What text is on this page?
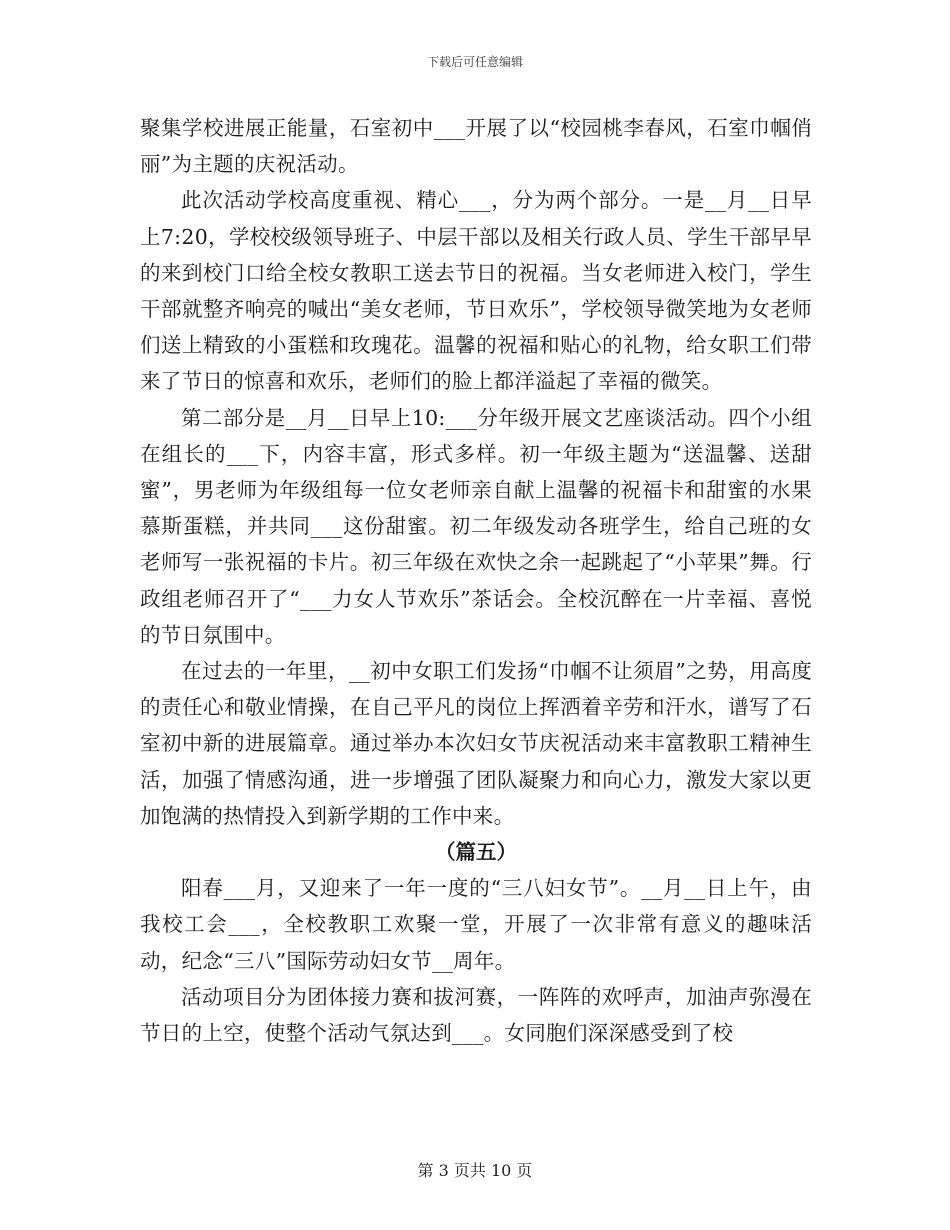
下载后可任意编辑

聚集学校进展正能量，石室初中___开展了以“校园桃李春风，石室巾帼俏丽”为主题的庆祝活动。

此次活动学校高度重视、精心___，分为两个部分。一是__月__日早上7:20，学校校级领导班子、中层干部以及相关行政人员、学生干部早早的来到校门口给全校女教职工送去节日的祝福。当女老师进入校门，学生干部就整齐响亮的喊出“美女老师，节日欢乐”，学校领导微笑地为女老师们送上精致的小蛋糕和玫瑰花。温馨的祝福和贴心的礼物，给女职工们带来了节日的惊喜和欢乐，老师们的脸上都洋溢起了幸福的微笑。

第二部分是__月__日早上10:___分年级开展文艺座谈活动。四个小组在组长的___下，内容丰富，形式多样。初一年级主题为“送温馨、送甜蜜”，男老师为年级组每一位女老师亲自献上温馨的祝福卡和甜蜜的水果慕斯蛋糕，并共同___这份甜蜜。初二年级发动各班学生，给自己班的女老师写一张祝福的卡片。初三年级在欢快之余一起跳起了“小苹果”舞。行政组老师召开了“___力女人节欢乐”茶话会。全校沉醉在一片幸福、喜悦的节日氛围中。

在过去的一年里，__初中女职工们发扬“巾帼不让须眉”之势，用高度的责任心和敬业情操，在自己平凡的岗位上挥洒着辛劳和汗水，谱写了石室初中新的进展篇章。通过举办本次妇女节庆祝活动来丰富教职工精神生活，加强了情感沟通，进一步增强了团队凝聚力和向心力，激发大家以更加饱满的热情投入到新学期的工作中来。

（篇五）

阳春___月，又迎来了一年一度的“三八妇女节”。__月__日上午，由我校工会___，全校教职工欢聚一堂，开展了一次非常有意义的趣味活动，纪念“三八”国际劳动妇女节__周年。

活动项目分为团体接力赛和拔河赛，一阵阵的欢呼声，加油声弥漫在节日的上空，使整个活动气氛达到___。女同胞们深深感受到了校

第 3 页共 10 页
